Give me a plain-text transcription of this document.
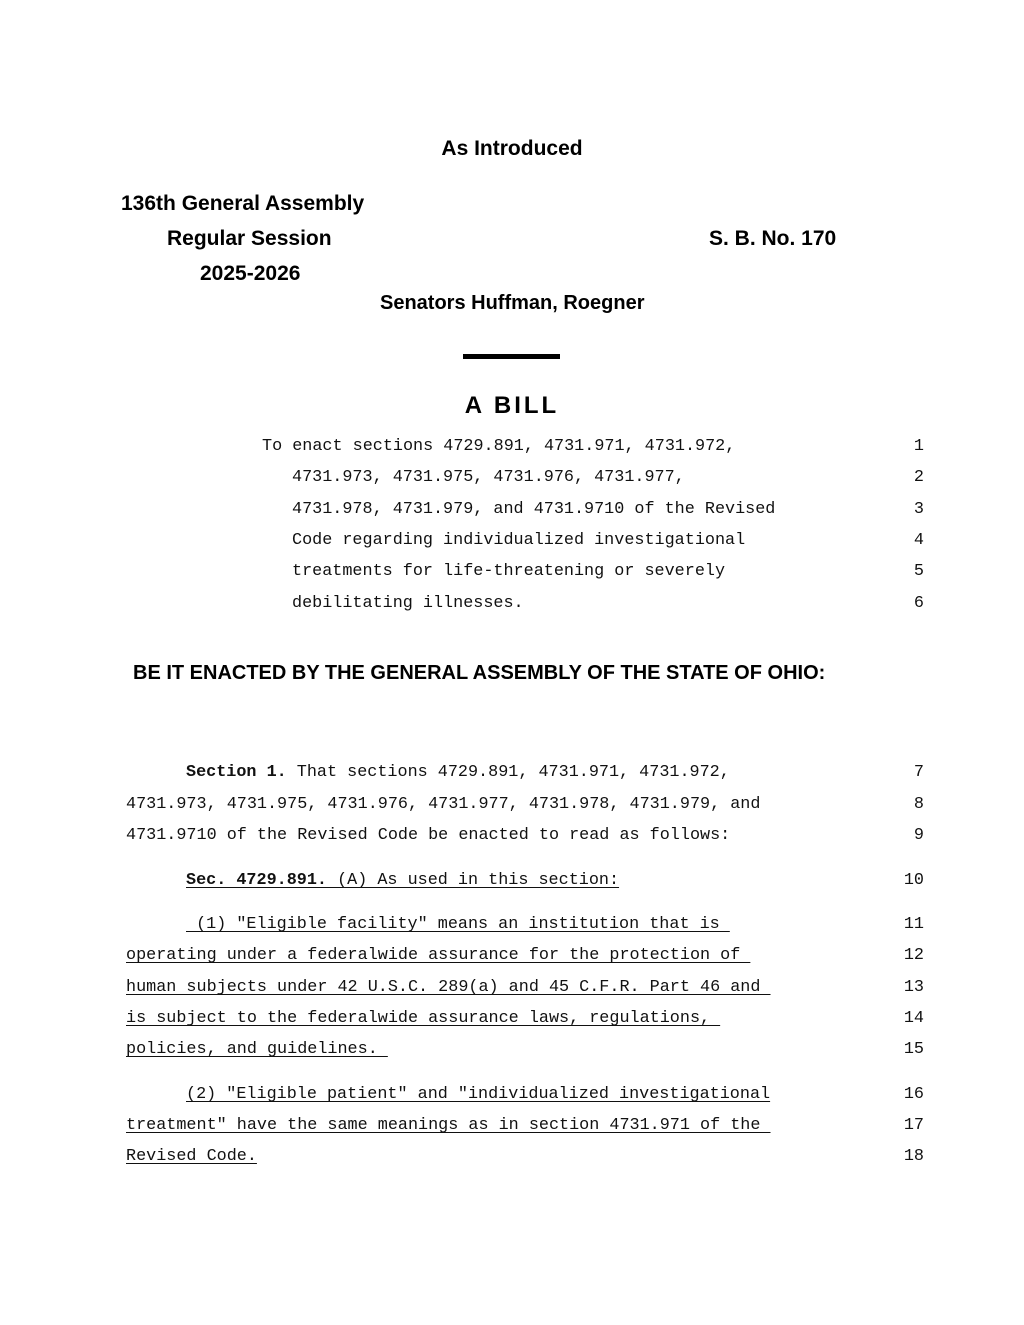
As Introduced
136th General Assembly
Regular Session
2025-2026
S. B. No. 170
Senators Huffman, Roegner
A BILL
To enact sections 4729.891, 4731.971, 4731.972,	1
4731.973, 4731.975, 4731.976, 4731.977,	2
4731.978, 4731.979, and 4731.9710 of the Revised	3
Code regarding individualized investigational	4
treatments for life-threatening or severely	5
debilitating illnesses.	6
BE IT ENACTED BY THE GENERAL ASSEMBLY OF THE STATE OF OHIO:
Section 1. That sections 4729.891, 4731.971, 4731.972,	7
4731.973, 4731.975, 4731.976, 4731.977, 4731.978, 4731.979, and	8
4731.9710 of the Revised Code be enacted to read as follows:	9
Sec. 4729.891. (A) As used in this section:	10
(1) "Eligible facility" means an institution that is	11
operating under a federalwide assurance for the protection of	12
human subjects under 42 U.S.C. 289(a) and 45 C.F.R. Part 46 and	13
is subject to the federalwide assurance laws, regulations,	14
policies, and guidelines.	15
(2) "Eligible patient" and "individualized investigational	16
treatment" have the same meanings as in section 4731.971 of the	17
Revised Code.	18
